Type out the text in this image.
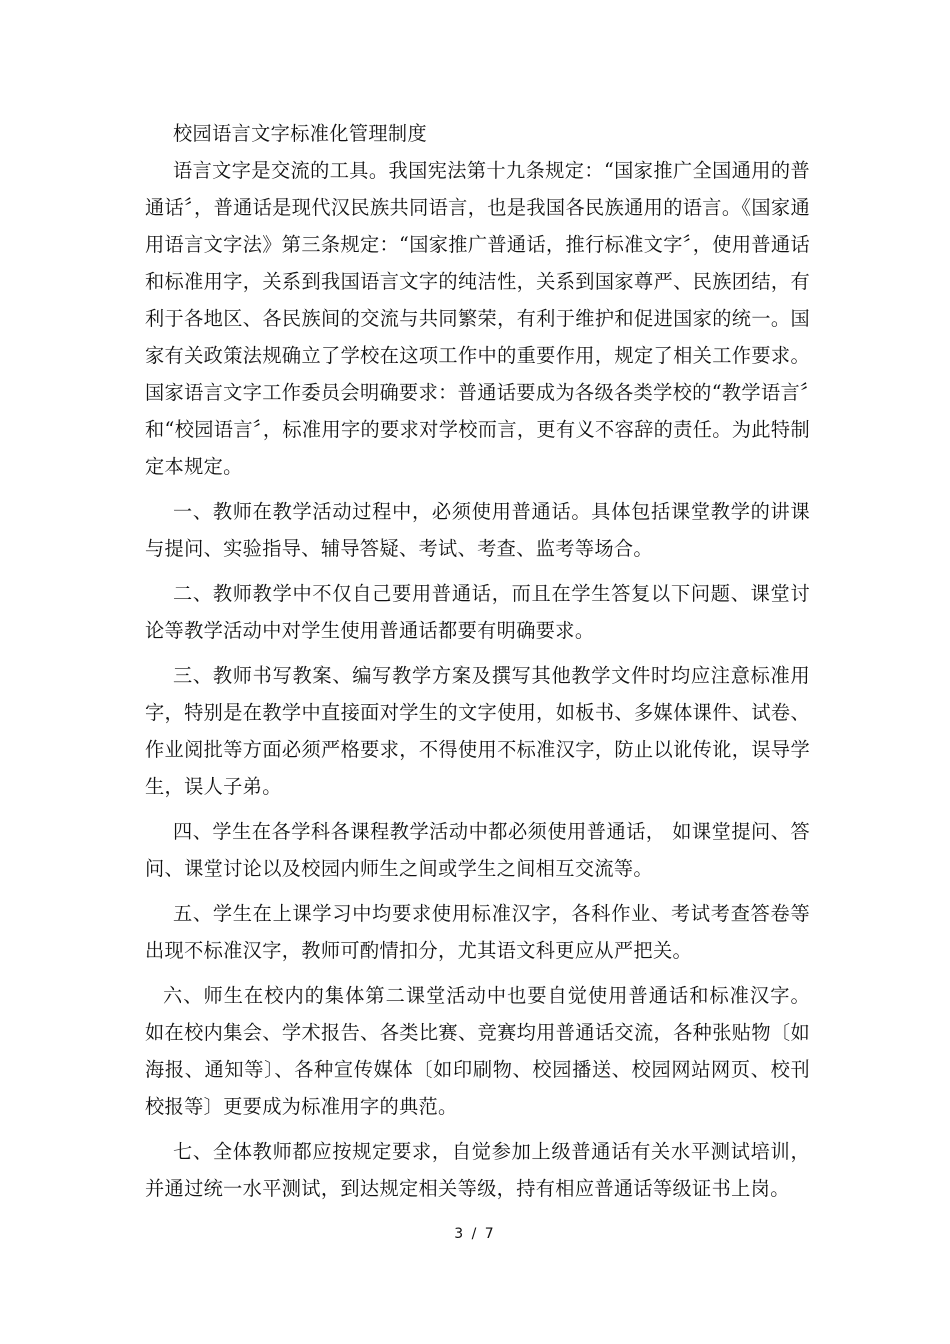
校园语言文字标准化管理制度

语言文字是交流的工具。我国宪法第十九条规定：“国家推广全国通用的普通话〞，普通话是现代汉民族共同语言，也是我国各民族通用的语言。《国家通用语言文字法》第三条规定：“国家推广普通话，推行标准文字〞，使用普通话和标准用字，关系到我国语言文字的纯洁性，关系到国家尊严、民族团结，有利于各地区、各民族间的交流与共同繁荣，有利于维护和促进国家的统一。国家有关政策法规确立了学校在这项工作中的重要作用，规定了相关工作要求。国家语言文字工作委员会明确要求：普通话要成为各级各类学校的“教学语言〞和“校园语言〞，标准用字的要求对学校而言，更有义不容辞的责任。为此特制定本规定。

一、教师在教学活动过程中，必须使用普通话。具体包括课堂教学的讲课与提问、实验指导、辅导答疑、考试、考查、监考等场合。

二、教师教学中不仅自己要用普通话，而且在学生答复以下问题、课堂讨论等教学活动中对学生使用普通话都要有明确要求。

三、教师书写教案、编写教学方案及撰写其他教学文件时均应注意标准用字，特别是在教学中直接面对学生的文字使用，如板书、多媒体课件、试卷、作业阅批等方面必须严格要求，不得使用不标准汉字，防止以讹传讹，误导学生，误人子弟。

四、学生在各学科各课程教学活动中都必须使用普通话， 如课堂提问、答问、课堂讨论以及校园内师生之间或学生之间相互交流等。

五、学生在上课学习中均要求使用标准汉字，各科作业、考试考查答卷等出现不标准汉字，教师可酌情扣分，尤其语文科更应从严把关。

六、师生在校内的集体第二课堂活动中也要自觉使用普通话和标准汉字。 如在校内集会、学术报告、各类比赛、竞赛均用普通话交流，各种张贴物〔如海报、通知等〕、各种宣传媒体〔如印刷物、校园播送、校园网站网页、校刊校报等〕更要成为标准用字的典范。

七、全体教师都应按规定要求，自觉参加上级普通话有关水平测试培训，并通过统一水平测试，到达规定相关等级，持有相应普通话等级证书上岗。

3 / 7
